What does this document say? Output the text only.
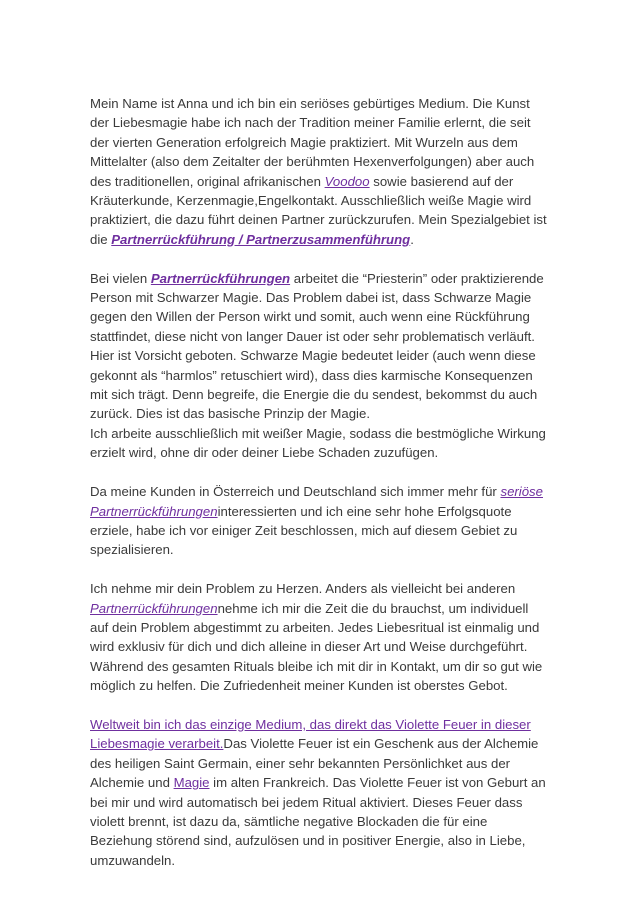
Mein Name ist Anna und ich bin ein seriöses gebürtiges Medium. Die Kunst der Liebesmagie habe ich nach der Tradition meiner Familie erlernt, die seit der vierten Generation erfolgreich Magie praktiziert. Mit Wurzeln aus dem Mittelalter (also dem Zeitalter der berühmten Hexenverfolgungen) aber auch des traditionellen, original afrikanischen Voodoo sowie basierend auf der Kräuterkunde, Kerzenmagie,Engelkontakt. Ausschließlich weiße Magie wird praktiziert, die dazu führt deinen Partner zurückzurufen. Mein Spezialgebiet ist die Partnerrückführung / Partnerzusammenführung.

Bei vielen Partnerrückführungen arbeitet die “Priesterin” oder praktizierende Person mit Schwarzer Magie. Das Problem dabei ist, dass Schwarze Magie gegen den Willen der Person wirkt und somit, auch wenn eine Rückführung stattfindet, diese nicht von langer Dauer ist oder sehr problematisch verläuft. Hier ist Vorsicht geboten. Schwarze Magie bedeutet leider (auch wenn diese gekonnt als “harmlos” retuschiert wird), dass dies karmische Konsequenzen mit sich trägt. Denn begreife, die Energie die du sendest, bekommst du auch zurück. Dies ist das basische Prinzip der Magie.
Ich arbeite ausschließlich mit weißer Magie, sodass die bestmögliche Wirkung erzielt wird, ohne dir oder deiner Liebe Schaden zuzufügen.

Da meine Kunden in Österreich und Deutschland sich immer mehr für seriöse Partnerrückführungeninteressierten und ich eine sehr hohe Erfolgsquote erziele, habe ich vor einiger Zeit beschlossen, mich auf diesem Gebiet zu spezialisieren.

Ich nehme mir dein Problem zu Herzen. Anders als vielleicht bei anderen Partnerrückführungennehme ich mir die Zeit die du brauchst, um individuell auf dein Problem abgestimmt zu arbeiten. Jedes Liebesritual ist einmalig und wird exklusiv für dich und dich alleine in dieser Art und Weise durchgeführt. Während des gesamten Rituals bleibe ich mit dir in Kontakt, um dir so gut wie möglich zu helfen. Die Zufriedenheit meiner Kunden ist oberstes Gebot.

Weltweit bin ich das einzige Medium, das direkt das Violette Feuer in dieser Liebesmagie verarbeit.Das Violette Feuer ist ein Geschenk aus der Alchemie des heiligen Saint Germain, einer sehr bekannten Persönlichket aus der Alchemie und Magie im alten Frankreich. Das Violette Feuer ist von Geburt an bei mir und wird automatisch bei jedem Ritual aktiviert. Dieses Feuer dass violett brennt, ist dazu da, sämtliche negative Blockaden die für eine Beziehung störend sind, aufzulösen und in positiver Energie, also in Liebe, umzuwandeln.
